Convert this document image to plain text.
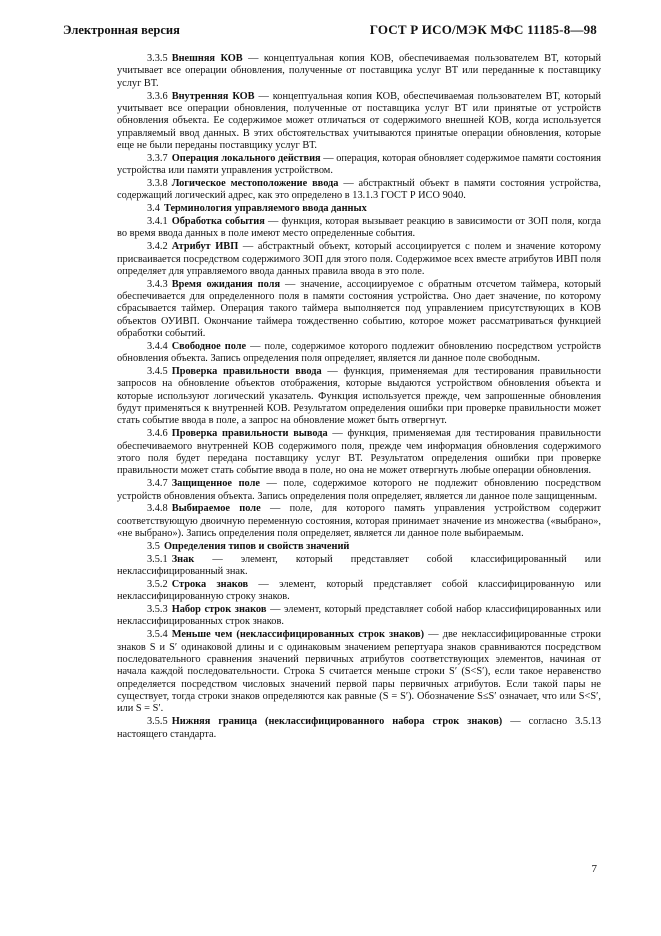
Электронная версия	ГОСТ Р ИСО/МЭК МФС 11185-8—98

3.3.5 Внешняя КОВ — концептуальная копия КОВ, обеспечиваемая пользователем ВТ, который учитывает все операции обновления, полученные от поставщика услуг ВТ или переданные к поставщику услуг ВТ.

3.3.6 Внутренняя КОВ — концептуальная копия КОВ, обеспечиваемая пользователем ВТ, который учитывает все операции обновления, полученные от поставщика услуг ВТ или принятые от устройств обновления объекта. Ее содержимое может отличаться от содержимого внешней КОВ, когда используется управляемый ввод данных. В этих обстоятельствах учитываются принятые операции обновления, которые еще не были переданы поставщику услуг ВТ.

3.3.7 Операция локального действия — операция, которая обновляет содержимое памяти состояния устройства или памяти управления устройством.

3.3.8 Логическое местоположение ввода — абстрактный объект в памяти состояния устройства, содержащий логический адрес, как это определено в 13.1.3 ГОСТ Р ИСО 9040.

3.4 Терминология управляемого ввода данных

3.4.1 Обработка события — функция, которая вызывает реакцию в зависимости от ЗОП поля, когда во время ввода данных в поле имеют место определенные события.

3.4.2 Атрибут ИВП — абстрактный объект, который ассоциируется с полем и значение которому присваивается посредством содержимого ЗОП для этого поля. Содержимое всех вместе атрибутов ИВП поля определяет для управляемого ввода данных правила ввода в это поле.

3.4.3 Время ожидания поля — значение, ассоциируемое с обратным отсчетом таймера, который обеспечивается для определенного поля в памяти состояния устройства. Оно дает значение, по которому сбрасывается таймер. Операция такого таймера выполняется под управлением присутствующих в КОВ объектов ОУИВП. Окончание таймера тождественно событию, которое может рассматриваться функцией обработки событий.

3.4.4 Свободное поле — поле, содержимое которого подлежит обновлению посредством устройств обновления объекта. Запись определения поля определяет, является ли данное поле свободным.

3.4.5 Проверка правильности ввода — функция, применяемая для тестирования правильности запросов на обновление объектов отображения, которые выдаются устройством обновления объекта и которые используют логический указатель. Функция используется прежде, чем запрошенные обновления будут применяться к внутренней КОВ. Результатом определения ошибки при проверке правильности может стать событие ввода в поле, а запрос на обновление может быть отвергнут.

3.4.6 Проверка правильности вывода — функция, применяемая для тестирования правильности обеспечиваемого внутренней КОВ содержимого поля, прежде чем информация обновления содержимого этого поля будет передана поставщику услуг ВТ. Результатом определения ошибки при проверке правильности может стать событие ввода в поле, но она не может отвергнуть любые операции обновления.

3.4.7 Защищенное поле — поле, содержимое которого не подлежит обновлению посредством устройств обновления объекта. Запись определения поля определяет, является ли данное поле защищенным.

3.4.8 Выбираемое поле — поле, для которого память управления устройством содержит соответствующую двоичную переменную состояния, которая принимает значение из множества («выбрано», «не выбрано»). Запись определения поля определяет, является ли данное поле выбираемым.

3.5 Определения типов и свойств значений

3.5.1 Знак — элемент, который представляет собой классифицированный или неклассифицированный знак.

3.5.2 Строка знаков — элемент, который представляет собой классифицированную или неклассифицированную строку знаков.

3.5.3 Набор строк знаков — элемент, который представляет собой набор классифицированных или неклассифицированных строк знаков.

3.5.4 Меньше чем (неклассифицированных строк знаков) — две неклассифицированные строки знаков S и S′ одинаковой длины и с одинаковым значением репертуара знаков сравниваются посредством последовательного сравнения значений первичных атрибутов соответствующих элементов, начиная от начала каждой последовательности. Строка S считается меньше строки S′ (S<S′), если такое неравенство определяется посредством числовых значений первой пары первичных атрибутов. Если такой пары не существует, тогда строки знаков определяются как равные (S = S′). Обозначение S≤S′ означает, что или S<S′, или S = S′.

3.5.5 Нижняя граница (неклассифицированного набора строк знаков) — согласно 3.5.13 настоящего стандарта.

7
